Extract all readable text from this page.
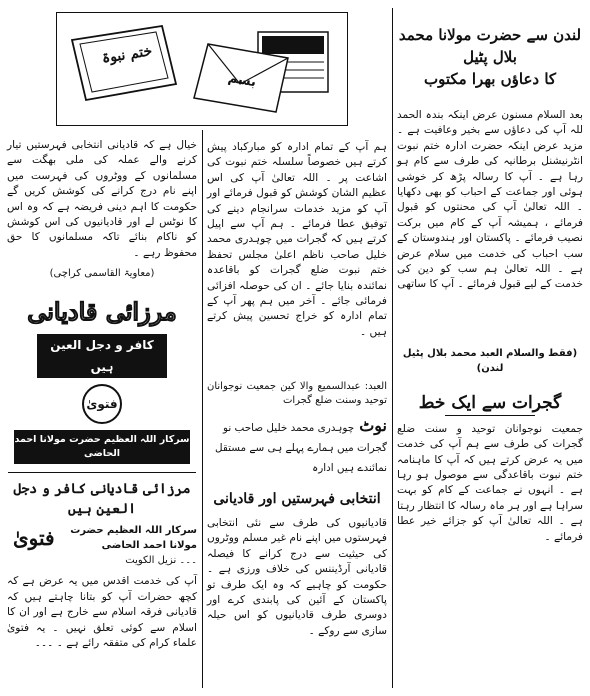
لندن سے حضرت مولانا محمد بلال پٹیل
کا دعاؤں بھرا مکتوب

بعد السلام مسنون عرض اینکہ بندہ الحمد للہ آپ کی دعاؤں سے بخیر وعافیت ہے ۔ مزید عرض اینکہ حضرت ادارہ ختم نبوت انٹرنیشنل برطانیہ کی طرف سے کام ہو رہا ہے ۔ آپ کا رسالہ پڑھ کر خوشی ہوئی اور جماعت کے احباب کو بھی دکھایا ۔ اللہ تعالیٰ آپ کی محنتوں کو قبول فرمائے ، ہمیشہ آپ کے کام میں برکت نصیب فرمائے ۔ پاکستان اور ہندوستان کے سب احباب کی خدمت میں سلام عرض ہے ۔ اللہ تعالیٰ ہم سب کو دین کی خدمت کے لیے قبول فرمائے ۔ آپ کا ساتھی

(فقط والسلام العبد محمد بلال پٹیل لندن)

گجرات سے ایک خط

جمعیت نوجوانان توحید و سنت ضلع گجرات کی طرف سے ہم آپ کی خدمت میں یہ عرض کرتے ہیں کہ آپ کا ماہنامہ ختم نبوت باقاعدگی سے موصول ہو رہا ہے ۔ انہوں نے جماعت کے کام کو بہت سراہا ہے اور ہر ماہ رسالہ کا انتظار رہتا ہے ۔ اللہ تعالیٰ آپ کو جزائے خیر عطا فرمائے ۔

ہم آپ کے تمام ادارہ کو مبارکباد پیش کرتے ہیں خصوصاً سلسلہ ختم نبوت کی اشاعت پر ۔ اللہ تعالیٰ آپ کی اس عظیم الشان کوشش کو قبول فرمائے اور آپ کو مزید خدمات سرانجام دینے کی توفیق عطا فرمائے ۔ ہم آپ سے اپیل کرتے ہیں کہ گجرات میں چوہدری محمد خلیل صاحب ناظم اعلیٰ مجلس تحفظ ختم نبوت ضلع گجرات کو باقاعدہ نمائندہ بنایا جائے ۔ ان کی حوصلہ افزائی فرمائی جائے ۔ آخر میں ہم پھر آپ کے تمام ادارہ کو خراج تحسین پیش کرتے ہیں ۔

العبد: عبدالسمیع والا کین جمعیت نوجوانان توحید وسنت ضلع گجرات

نوٹ چوہدری محمد خلیل صاحب نو گجرات میں ہمارے پہلے ہی سے مستقل نمائندے ہیں ادارہ
انتخابی فہرستیں اور قادیانی

قادیانیوں کی طرف سے نئی انتخابی فہرستوں میں اپنے نام غیر مسلم ووٹروں کی حیثیت سے درج کرانے کا فیصلہ قادیانی آرڈیننس کی خلاف ورزی ہے ۔ حکومت کو چاہیے کہ وہ ایک طرف تو پاکستان کے آئین کی پابندی کرے اور دوسری طرف قادیانیوں کو اس حیلہ سازی سے روکے ۔

ختم نبوۃ
بسم

خیال ہے کہ قادیانی انتخابی فہرستیں تیار کرنے والے عملہ کی ملی بھگت سے مسلمانوں کے ووٹروں کی فہرست میں اپنے نام درج کرانے کی کوشش کریں گے حکومت کا اہم دینی فریضہ ہے کہ وہ اس کا نوٹس لے اور قادیانیوں کی اس کوشش کو ناکام بنائے تاکہ مسلمانوں کا حق محفوظ رہے ۔

(معاویۃ القاسمی کراچی)

مرزائی قادیانی
کافر و دجل العین ہیں
فتویٰ
سرکار اللہ العظیم حضرت مولانا احمد الحاضی
مرزائی قادیانی کافر و دجل العین ہیں
فتویٰ	سرکار اللہ العظیم حضرت مولانا احمد الحاضی
۔۔۔ نزیل الکویت

آپ کی خدمت اقدس میں یہ عرض ہے کہ کچھ حضرات آپ کو بتانا چاہتے ہیں کہ قادیانی فرقہ اسلام سے خارج ہے اور ان کا اسلام سے کوئی تعلق نہیں ۔ یہ فتویٰ علماء کرام کی متفقہ رائے ہے ۔ ۔۔۔
